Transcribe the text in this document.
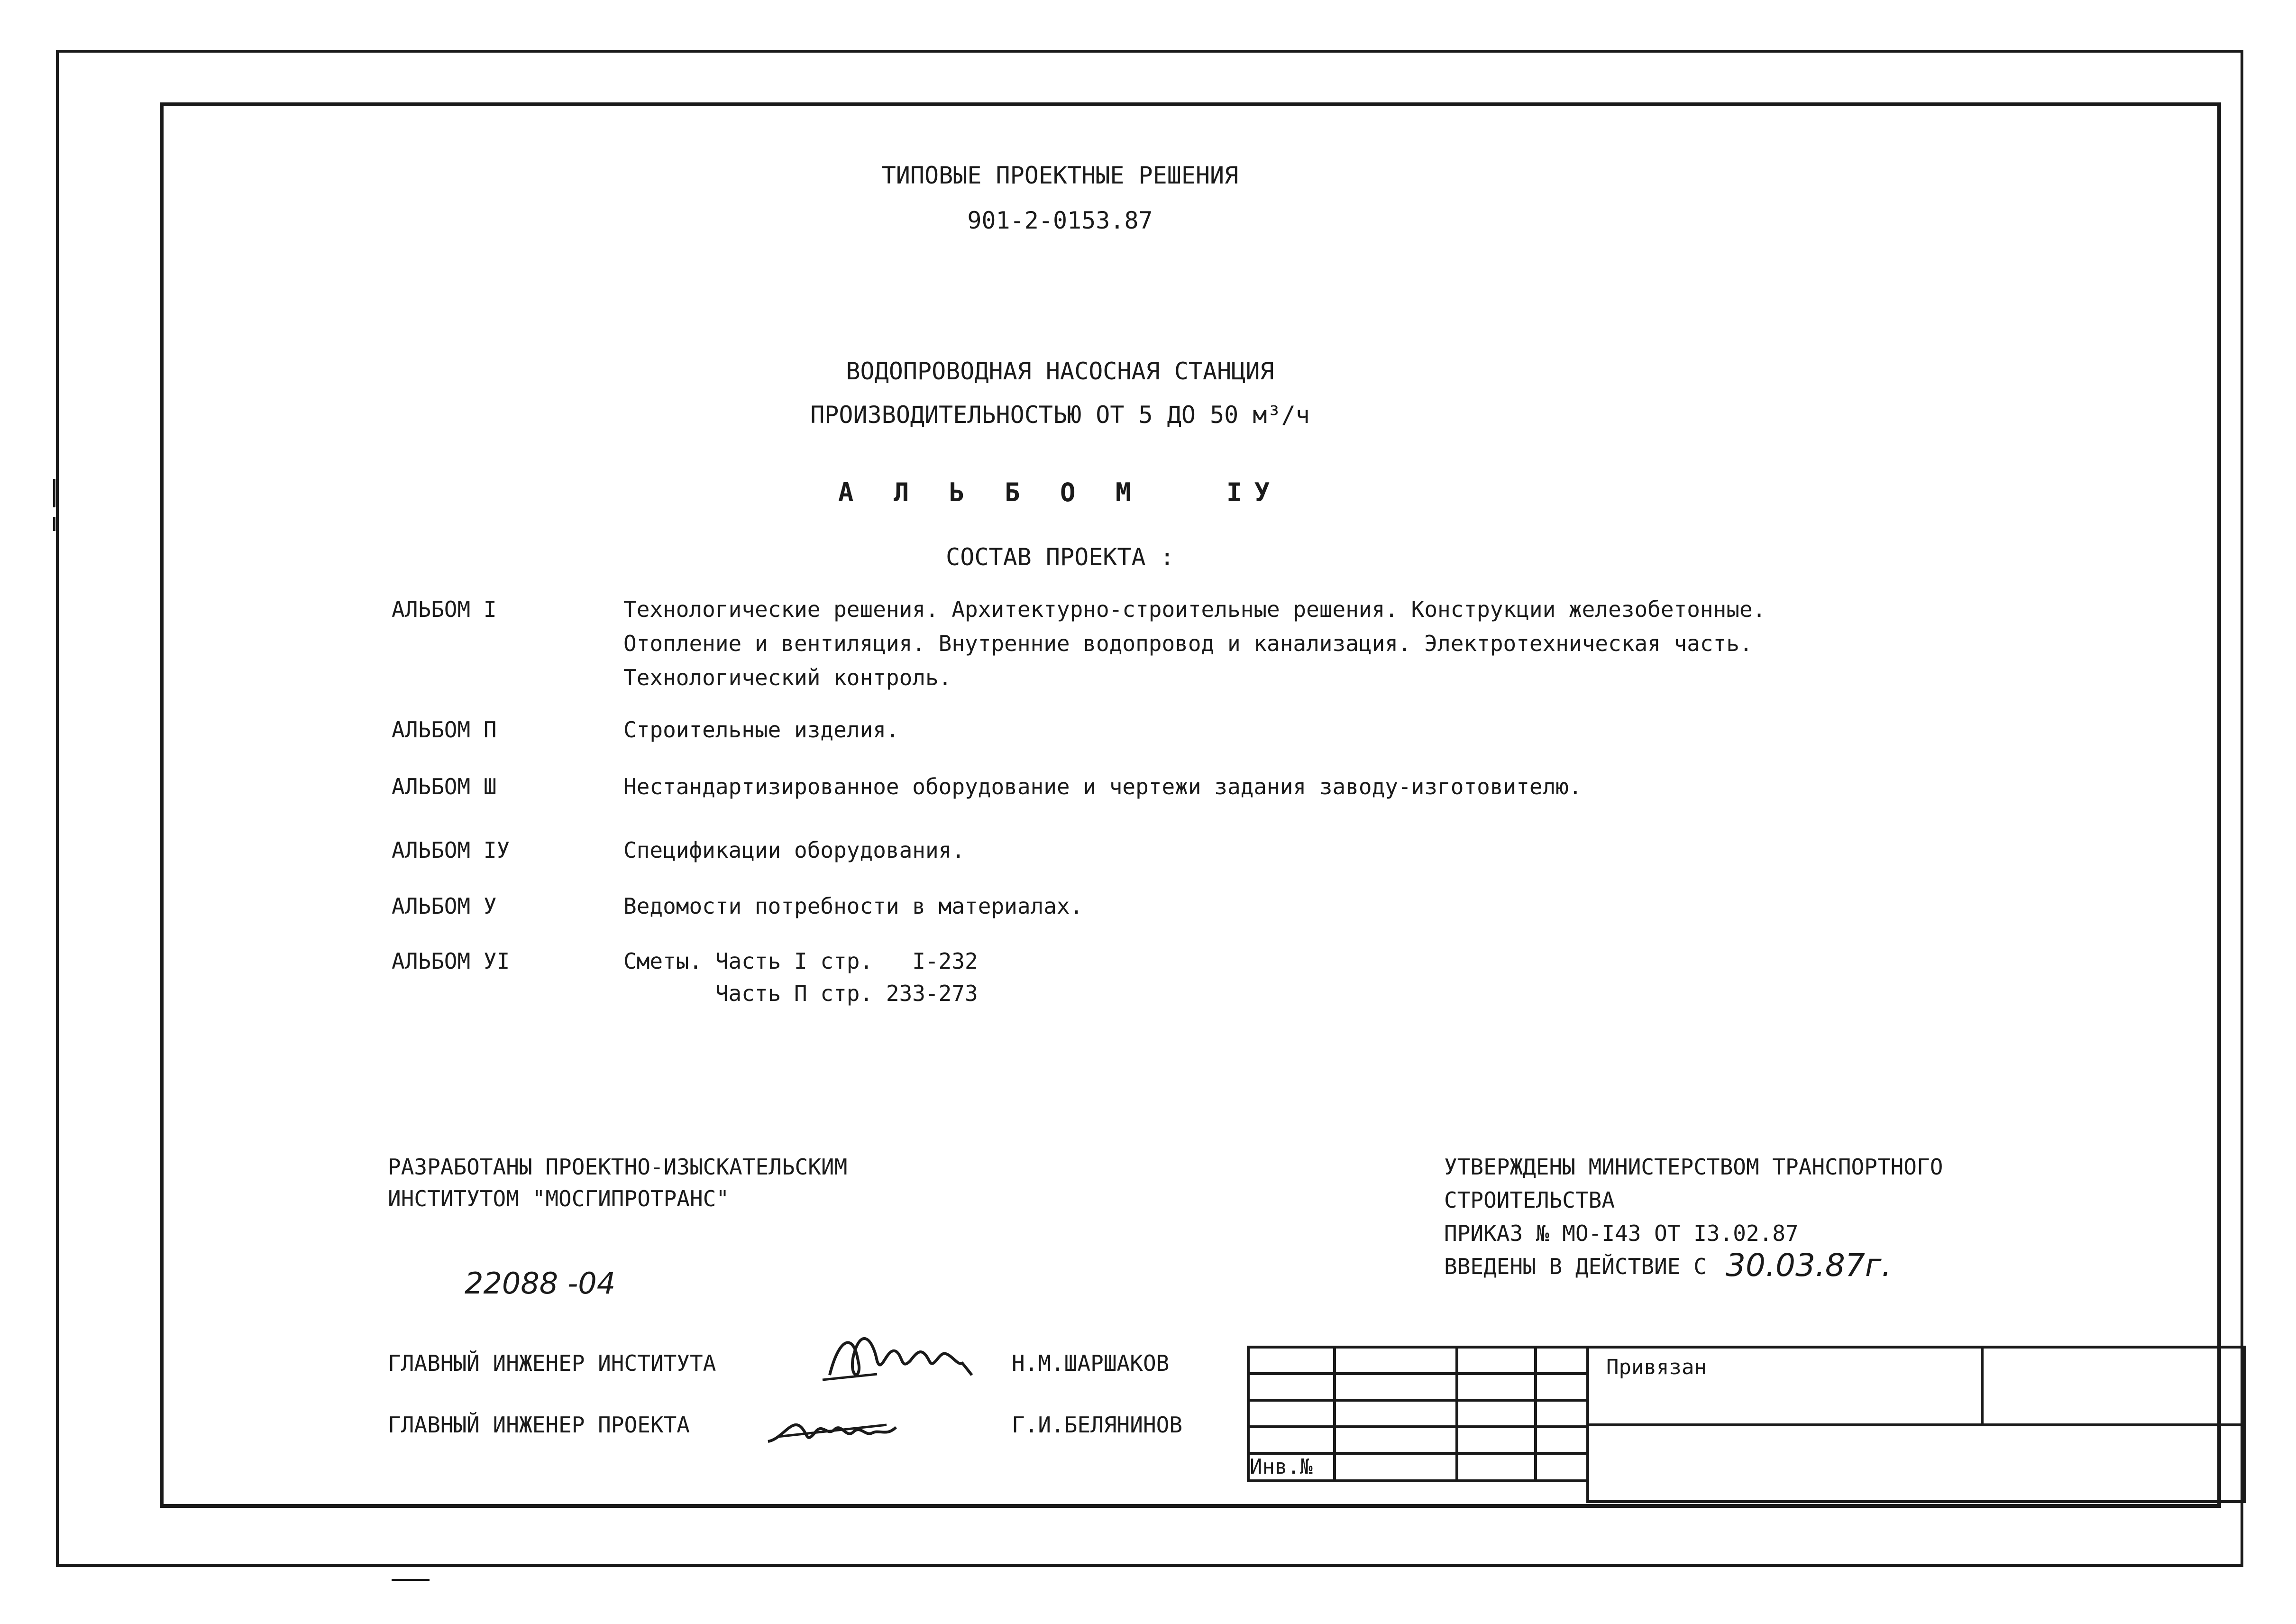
ТИПОВЫЕ ПРОЕКТНЫЕ РЕШЕНИЯ
901-2-0153.87
ВОДОПРОВОДНАЯ НАСОСНАЯ СТАНЦИЯ
ПРОИЗВОДИТЕЛЬНОСТЬЮ ОТ 5 ДО 50 м³/ч
А Л Ь Б О М   IУ
СОСТАВ ПРОЕКТА :
АЛЬБОМ I	Технологические решения. Архитектурно-строительные решения. Конструкции железобетонные.
Отопление и вентиляция. Внутренние водопровод и канализация. Электротехническая часть.
Технологический контроль.
АЛЬБОМ П	Строительные изделия.
АЛЬБОМ Ш	Нестандартизированное оборудование и чертежи задания заводу-изготовителю.
АЛЬБОМ IУ	Спецификации оборудования.
АЛЬБОМ У	Ведомости потребности в материалах.
АЛЬБОМ УI	Сметы. Часть I стр.   I-232
Часть П стр. 233-273
РАЗРАБОТАНЫ ПРОЕКТНО-ИЗЫСКАТЕЛЬСКИМ
ИНСТИТУТОМ "МОСГИПРОТРАНС"
22088 -04
УТВЕРЖДЕНЫ МИНИСТЕРСТВОМ ТРАНСПОРТНОГО
СТРОИТЕЛЬСТВА
ПРИКАЗ № МО-I43 ОТ I3.02.87
ВВЕДЕНЫ В ДЕЙСТВИЕ С 30.03.87г.
ГЛАВНЫЙ ИНЖЕНЕР ИНСТИТУТА	Н.М.ШАРШАКОВ
ГЛАВНЫЙ ИНЖЕНЕР ПРОЕКТА	Г.И.БЕЛЯНИНОВ

Инв.№			
Привязан	
